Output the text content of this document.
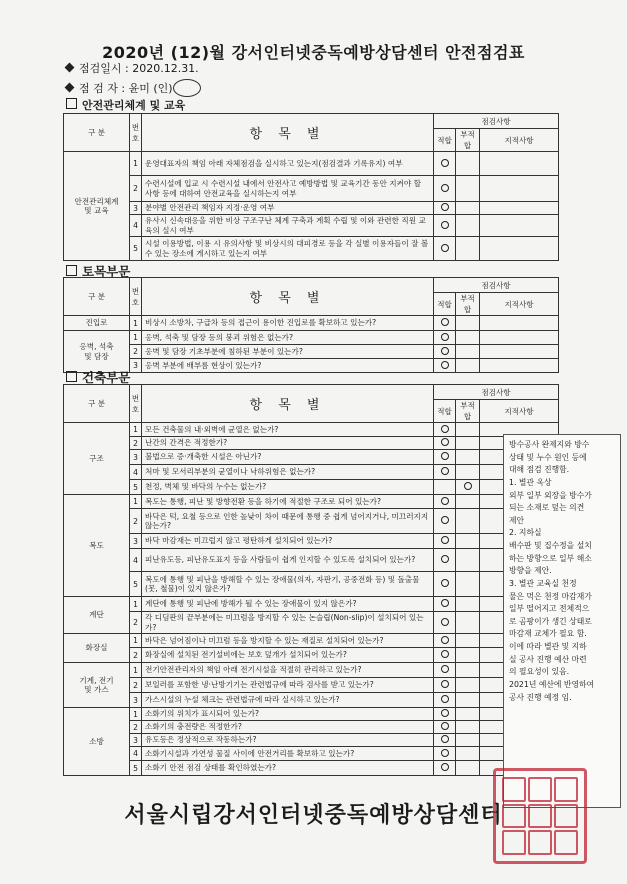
2020년 (12)월 강서인터넷중독예방상담센터 안전점검표
점검일시 : 2020.12.31.
점 검 자 : 윤미 (인)
안전관리체계 및 교육
구 분	번
호	항 목 별	점검사항		
			적합	부적합	지적사항
안전관리체계
및 교육	1	운영대표자의 책임 아래 자체점검을 실시하고 있는지(점검결과 기록유지) 여부			
	2	수련시설에 입교 시 수련시설 내에서 안전사고 예방방법 및 교육기간 동안 지켜야 할 사항 등에 대하여 안전교육을 실시하는지 여부			
	3	분야별 안전관리 책임자 지정·운영 여부			
	4	유사시 신속대응을 위한 비상 구조구난 체계 구축과 계획 수립 및 이와 관련한 직원 교육의 실시 여부			
	5	시설 이용방법, 이용 시 유의사항 및 비상시의 대피경로 등을 각 실별 이용자들이 잘 볼 수 있는 장소에 게시하고 있는지 여부			
토목부문
구 분	번
호	항 목 별	점검사항		
			적합	부적합	지적사항
진입로	1	비상시 소방차, 구급차 등의 접근이 용이한 진입로를 확보하고 있는가?			
옹벽, 석축
및 담장	1	옹벽, 석축 및 담장 등의 붕괴 위험은 없는가?			
	2	옹벽 및 담장 기초부분에 침하된 부분이 있는가?			
	3	옹벽 부분에 배부름 현상이 있는가?			
건축부문
구 분	번
호	항 목 별	점검사항		
			적합	부적합	지적사항
구조	1	모든 건축물의 내·외벽에 균열은 없는가?			
	2	난간의 간격은 적정한가?			
	3	불법으로 증·개축한 시설은 아닌가?			
	4	처마 및 모서리부분의 균열이나 낙하위험은 없는가?			
	5	천정, 벽체 및 바닥의 누수는 없는가?			
복도	1	복도는 통행, 피난 및 방향전환 등을 하기에 적절한 구조로 되어 있는가?			
	2	바닥은 턱, 요철 등으로 인한 높낮이 차이 때문에 통행 중 쉽게 넘어지거나, 미끄러지지 않는가?			
	3	바닥 마감재는 미끄럽지 않고 평탄하게 설치되어 있는가?			
	4	피난유도등, 피난유도표지 등을 사람들이 쉽게 인지할 수 있도록 설치되어 있는가?			
	5	복도에 통행 및 피난을 방해할 수 있는 장애물(의자, 자판기, 공중전화 등) 및 돌출물(못, 철물)이 있지 않은가?			
계단	1	계단에 통행 및 피난에 방해가 될 수 있는 장애물이 있지 않은가?			
	2	각 디딤판의 끝부분에는 미끄럼을 방지할 수 있는 논슬립(Non-slip)이 설치되어 있는가?			
화장실	1	바닥은 넘어짐이나 미끄럼 등을 방지할 수 있는 재질로 설치되어 있는가?			
	2	화장실에 설치된 전기설비에는 보호 덮개가 설치되어 있는가?			
기계, 전기
및 가스	1	전기안전관리자의 책임 아래 전기시설을 적절히 관리하고 있는가?			
	2	보일러를 포함한 냉·난방기기는 관련법규에 따라 검사를 받고 있는가?			
	3	가스시설의 누설 체크는 관련법규에 따라 실시하고 있는가?			
소방	1	소화기의 위치가 표시되어 있는가?			
	2	소화기의 충전량은 적정한가?			
	3	유도등은 정상적으로 작동하는가?			
	4	소화기시설과 가연성 물질 사이에 안전거리를 확보하고 있는가?			
	5	소화기 안전 점검 상태를 확인하였는가?			
방수공사 완제지와 방수
상태 및 누수 원인 등에
대해 점검 진행함.
1. 별관 옥상
외부 일부 외장을 방수가
되는 소재로 덮는 의견
제안
2. 지하실
배수판 및 집수정을 설치
하는 방향으로 일부 해소
방향을 제안.
3. 별관 교육실 천정
물은 먹은 천정 마감재가
일부 떨어지고 전체적으
로 곰팡이가 생긴 상태로
마감재 교체가 필요 함.
이에 따라 별관 및 지하
실 공사 진행 예산 마련
의 필요성이 있음.
2021년 예산에 반영하여
공사 진행 예정 임.
서울시립강서인터넷중독예방상담센터
